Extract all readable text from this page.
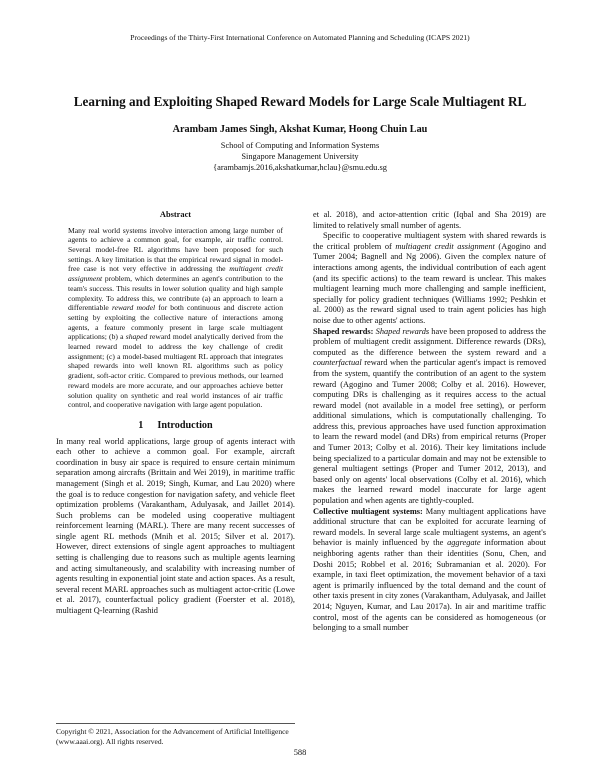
Proceedings of the Thirty-First International Conference on Automated Planning and Scheduling (ICAPS 2021)
Learning and Exploiting Shaped Reward Models for Large Scale Multiagent RL
Arambam James Singh, Akshat Kumar, Hoong Chuin Lau
School of Computing and Information Systems
Singapore Management University
{arambamjs.2016,akshatkumar,hclau}@smu.edu.sg
Abstract

Many real world systems involve interaction among large number of agents to achieve a common goal, for example, air traffic control. Several model-free RL algorithms have been proposed for such settings. A key limitation is that the empirical reward signal in model-free case is not very effective in addressing the multiagent credit assignment problem, which determines an agent's contribution to the team's success. This results in lower solution quality and high sample complexity. To address this, we contribute (a) an approach to learn a differentiable reward model for both continuous and discrete action setting by exploiting the collective nature of interactions among agents, a feature commonly present in large scale multiagent applications; (b) a shaped reward model analytically derived from the learned reward model to address the key challenge of credit assignment; (c) a model-based multiagent RL approach that integrates shaped rewards into well known RL algorithms such as policy gradient, soft-actor critic. Compared to previous methods, our learned reward models are more accurate, and our approaches achieve better solution quality on synthetic and real world instances of air traffic control, and cooperative navigation with large agent population.

1 Introduction

In many real world applications, large group of agents interact with each other to achieve a common goal. For example, aircraft coordination in busy air space is required to ensure certain minimum separation among aircrafts (Brittain and Wei 2019), in maritime traffic management (Singh et al. 2019; Singh, Kumar, and Lau 2020) where the goal is to reduce congestion for navigation safety, and vehicle fleet optimization problems (Varakantham, Adulyasak, and Jaillet 2014). Such problems can be modeled using cooperative multiagent reinforcement learning (MARL). There are many recent successes of single agent RL methods (Mnih et al. 2015; Silver et al. 2017). However, direct extensions of single agent approaches to multiagent setting is challenging due to reasons such as multiple agents learning and acting simultaneously, and scalability with increasing number of agents resulting in exponential joint state and action spaces. As a result, several recent MARL approaches such as multiagent actor-critic (Lowe et al. 2017), counterfactual policy gradient (Foerster et al. 2018), multiagent Q-learning (Rashid

et al. 2018), and actor-attention critic (Iqbal and Sha 2019) are limited to relatively small number of agents.

Specific to cooperative multiagent system with shared rewards is the critical problem of multiagent credit assignment (Agogino and Tumer 2004; Bagnell and Ng 2006). Given the complex nature of interactions among agents, the individual contribution of each agent (and its specific actions) to the team reward is unclear. This makes multiagent learning much more challenging and sample inefficient, specially for policy gradient techniques (Williams 1992; Peshkin et al. 2000) as the reward signal used to train agent policies has high noise due to other agents' actions.

Shaped rewards: Shaped rewards have been proposed to address the problem of multiagent credit assignment. Difference rewards (DRs), computed as the difference between the system reward and a counterfactual reward when the particular agent's impact is removed from the system, quantify the contribution of an agent to the system reward (Agogino and Tumer 2008; Colby et al. 2016). However, computing DRs is challenging as it requires access to the actual reward model (not available in a model free setting), or perform additional simulations, which is computationally challenging. To address this, previous approaches have used function approximation to learn the reward model (and DRs) from empirical returns (Proper and Tumer 2013; Colby et al. 2016). Their key limitations include being specialized to a particular domain and may not be extensible to general multiagent settings (Proper and Tumer 2012, 2013), and based only on agents' local observations (Colby et al. 2016), which makes the learned reward model inaccurate for large agent population and when agents are tightly-coupled.

Collective multiagent systems: Many multiagent applications have additional structure that can be exploited for accurate learning of reward models. In several large scale multiagent systems, an agent's behavior is mainly influenced by the aggregate information about neighboring agents rather than their identities (Sonu, Chen, and Doshi 2015; Robbel et al. 2016; Subramanian et al. 2020). For example, in taxi fleet optimization, the movement behavior of a taxi agent is primarily influenced by the total demand and the count of other taxis present in city zones (Varakantham, Adulyasak, and Jaillet 2014; Nguyen, Kumar, and Lau 2017a). In air and maritime traffic control, most of the agents can be considered as homogeneous (or belonging to a small number

Copyright © 2021, Association for the Advancement of Artificial Intelligence (www.aaai.org). All rights reserved.
588
